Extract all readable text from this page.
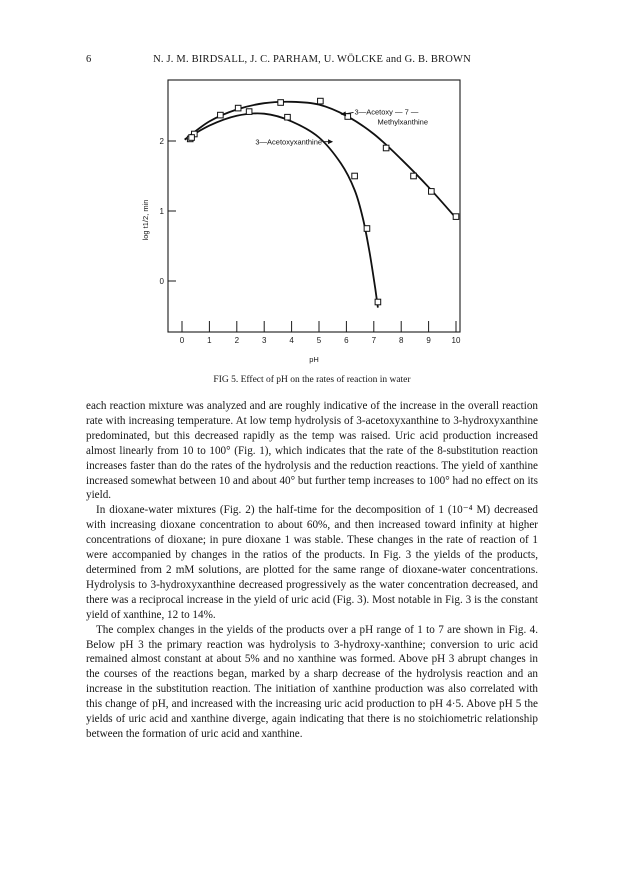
6	N. J. M. BIRDSALL, J. C. PARHAM, U. WÖLCKE and G. B. BROWN
0	1	2	3	4	5	6	7	8	9	10
0
1
2
pH
log t1/2, min
3—Acetoxyxanthine
3—Acetoxy — 7 —
Methylxanthine
FIG 5. Effect of pH on the rates of reaction in water

each reaction mixture was analyzed and are roughly indicative of the increase in the overall reaction rate with increasing temperature. At low temp hydrolysis of 3-acetoxyxanthine to 3-hydroxyxanthine predominated, but this decreased rapidly as the temp was raised. Uric acid production increased almost linearly from 10 to 100° (Fig. 1), which indicates that the rate of the 8-substitution reaction increases faster than do the rates of the hydrolysis and the reduction reactions. The yield of xanthine increased somewhat between 10 and about 40° but further temp increases to 100° had no effect on its yield.

In dioxane-water mixtures (Fig. 2) the half-time for the decomposition of 1 (10⁻⁴ M) decreased with increasing dioxane concentration to about 60%, and then increased toward infinity at higher concentrations of dioxane; in pure dioxane 1 was stable. These changes in the rate of reaction of 1 were accompanied by changes in the ratios of the products. In Fig. 3 the yields of the products, determined from 2 mM solutions, are plotted for the same range of dioxane-water concentrations. Hydrolysis to 3-hydroxyxanthine decreased progressively as the water concentration decreased, and there was a reciprocal increase in the yield of uric acid (Fig. 3). Most notable in Fig. 3 is the constant yield of xanthine, 12 to 14%.

The complex changes in the yields of the products over a pH range of 1 to 7 are shown in Fig. 4. Below pH 3 the primary reaction was hydrolysis to 3-hydroxy-xanthine; conversion to uric acid remained almost constant at about 5% and no xanthine was formed. Above pH 3 abrupt changes in the courses of the reactions began, marked by a sharp decrease of the hydrolysis reaction and an increase in the substitution reaction. The initiation of xanthine production was also correlated with this change of pH, and increased with the increasing uric acid production to pH 4·5. Above pH 5 the yields of uric acid and xanthine diverge, again indicating that there is no stoichiometric relationship between the formation of uric acid and xanthine.
